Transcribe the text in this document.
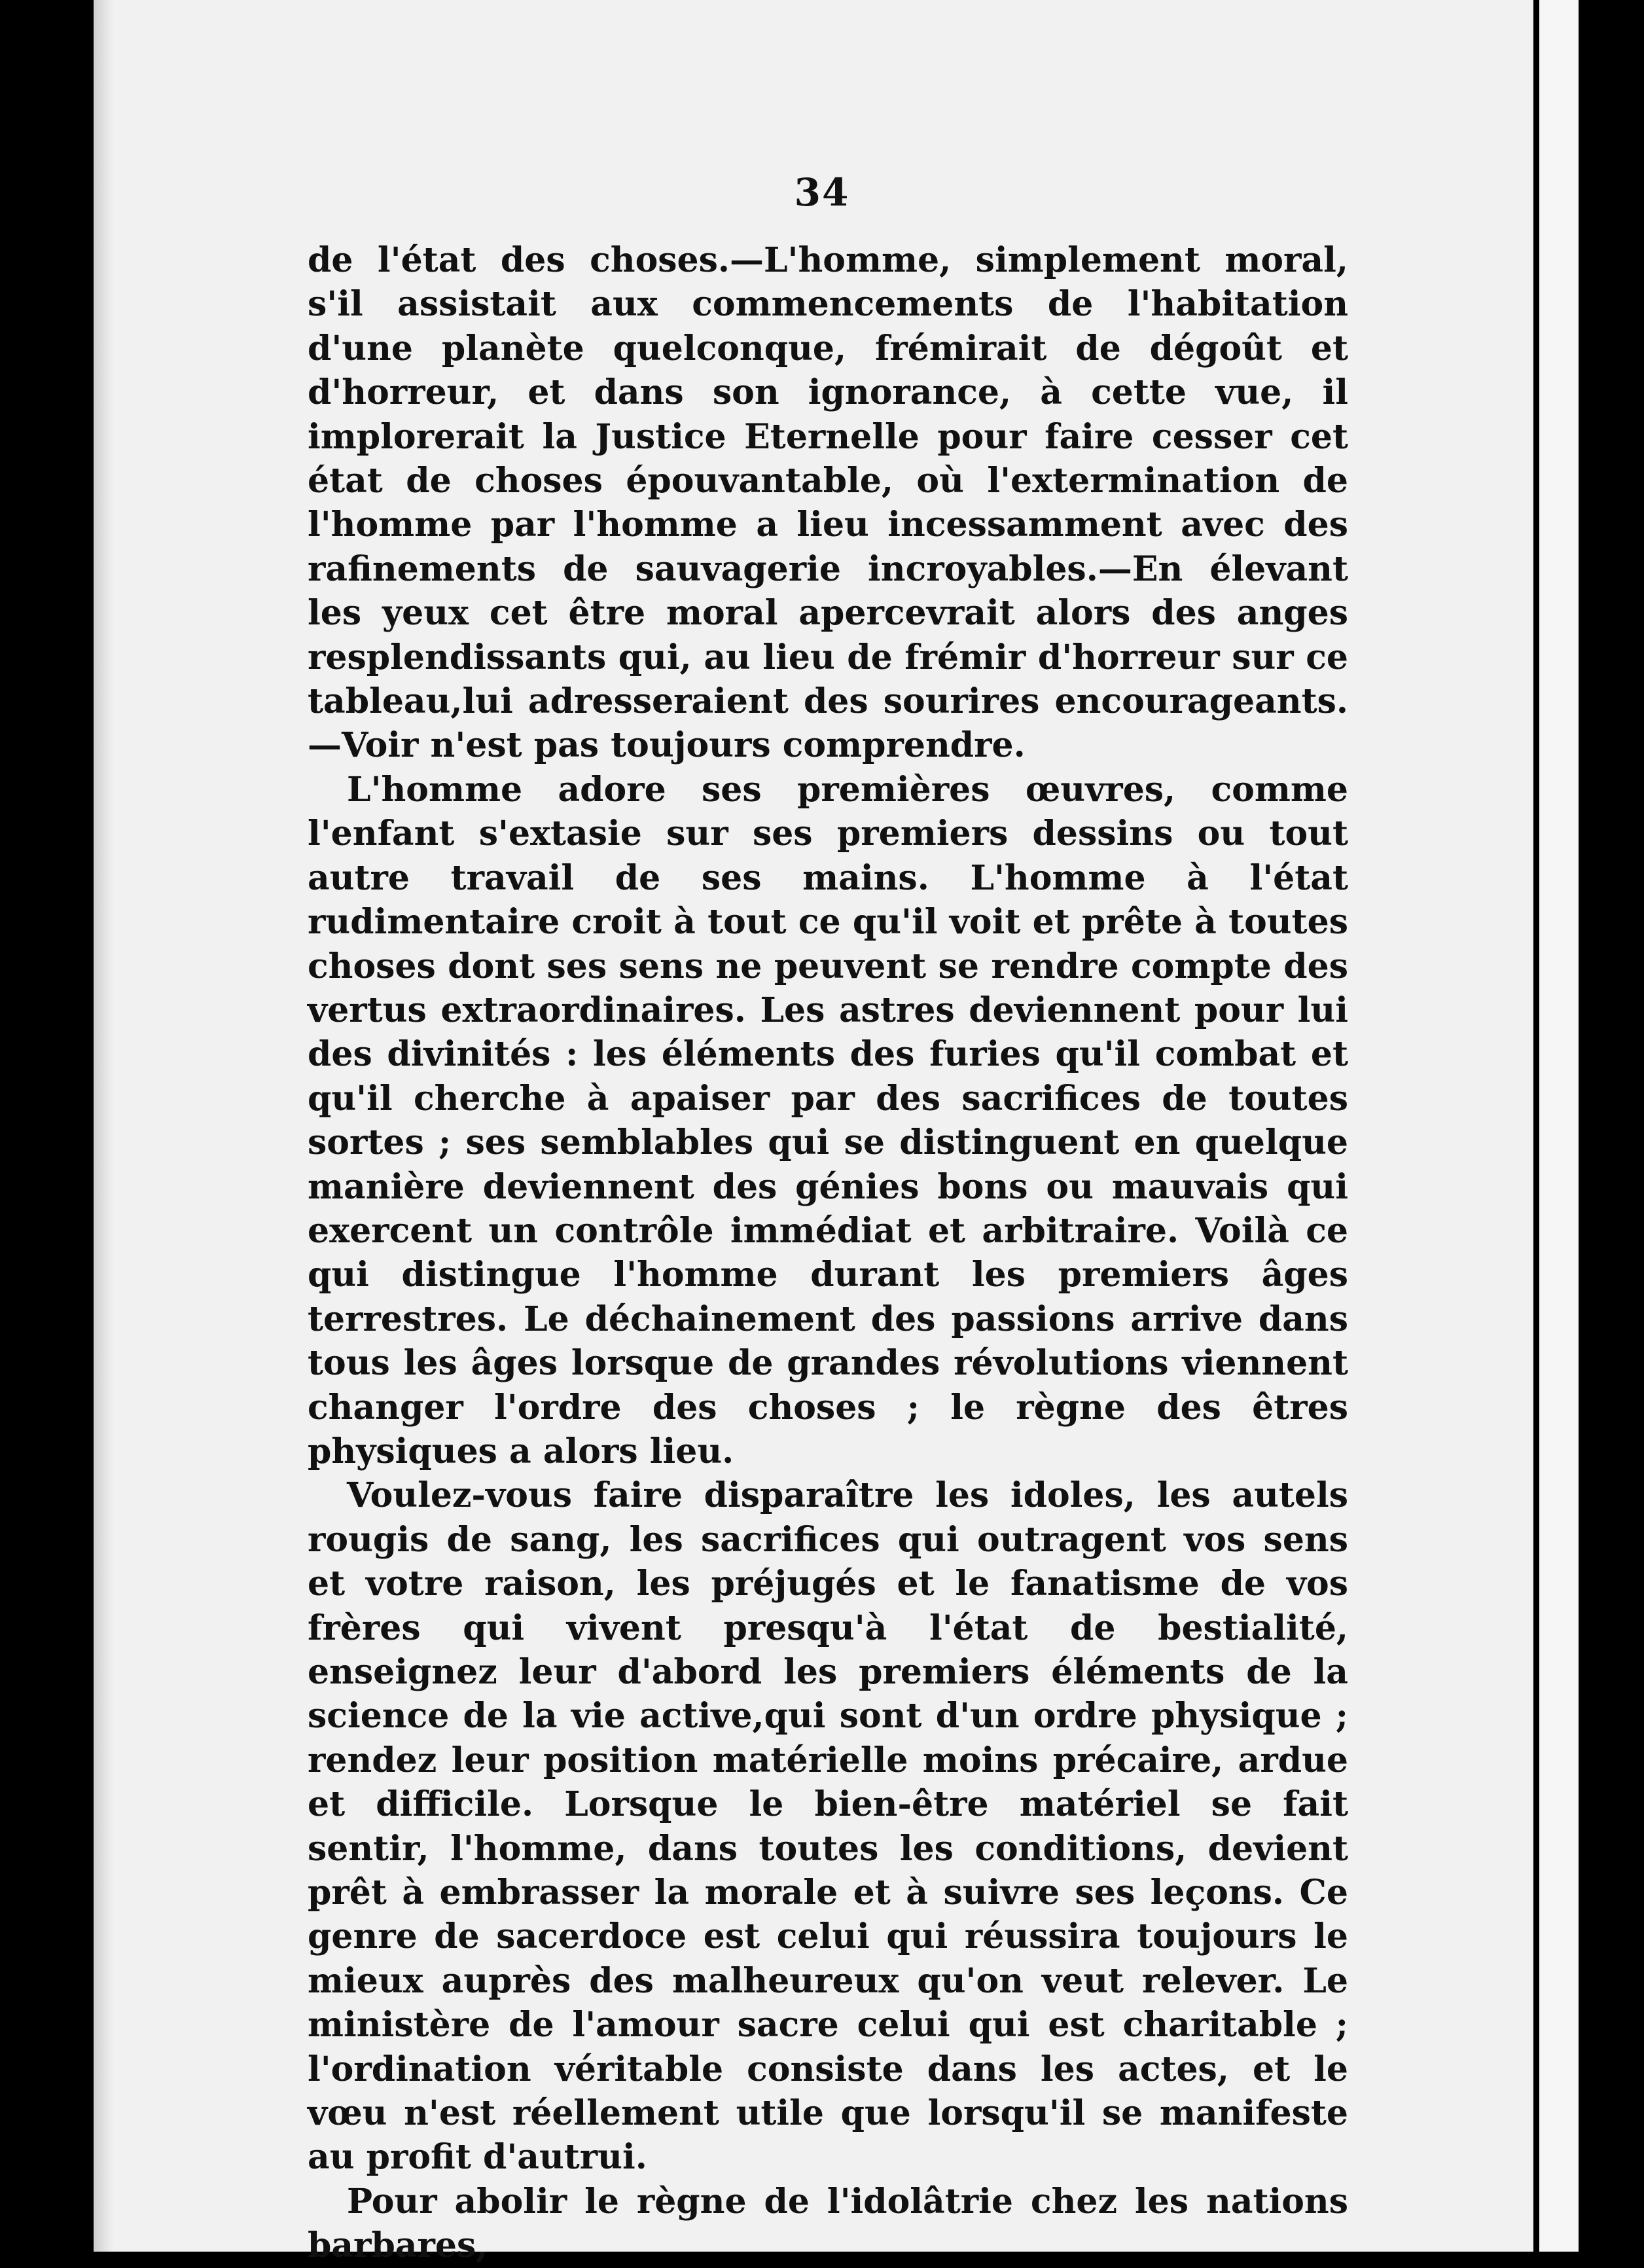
34

de l'état des choses.—L'homme, simplement moral, s'il assistait aux commencements de l'habitation d'une planète quelconque, frémirait de dégoût et d'horreur, et dans son ignorance, à cette vue, il implorerait la Justice Eternelle pour faire cesser cet état de choses épouvantable, où l'extermination de l'homme par l'homme a lieu incessamment avec des rafinements de sauvagerie incroyables.—En élevant les yeux cet être moral apercevrait alors des anges resplendissants qui, au lieu de frémir d'horreur sur ce tableau,lui adresseraient des sourires encourageants.—Voir n'est pas toujours comprendre.

L'homme adore ses premières œuvres, comme l'enfant s'extasie sur ses premiers dessins ou tout autre travail de ses mains. L'homme à l'état rudimentaire croit à tout ce qu'il voit et prête à toutes choses dont ses sens ne peuvent se rendre compte des vertus extraordinaires. Les astres deviennent pour lui des divinités : les éléments des furies qu'il combat et qu'il cherche à apaiser par des sacrifices de toutes sortes ; ses semblables qui se distinguent en quelque manière deviennent des génies bons ou mauvais qui exercent un contrôle immédiat et arbitraire. Voilà ce qui distingue l'homme durant les premiers âges terrestres. Le déchainement des passions arrive dans tous les âges lorsque de grandes révolutions viennent changer l'ordre des choses ; le règne des êtres physiques a alors lieu.

Voulez-vous faire disparaître les idoles, les autels rougis de sang, les sacrifices qui outragent vos sens et votre raison, les préjugés et le fanatisme de vos frères qui vivent presqu'à l'état de bestialité, enseignez leur d'abord les premiers éléments de la science de la vie active,qui sont d'un ordre physique ; rendez leur position matérielle moins précaire, ardue et difficile. Lorsque le bien-être matériel se fait sentir, l'homme, dans toutes les conditions, devient prêt à embrasser la morale et à suivre ses leçons. Ce genre de sacerdoce est celui qui réussira toujours le mieux auprès des malheureux qu'on veut relever. Le ministère de l'amour sacre celui qui est charitable ; l'ordination véritable consiste dans les actes, et le vœu n'est réellement utile que lorsqu'il se manifeste au profit d'autrui.

Pour abolir le règne de l'idolâtrie chez les nations barbares,
